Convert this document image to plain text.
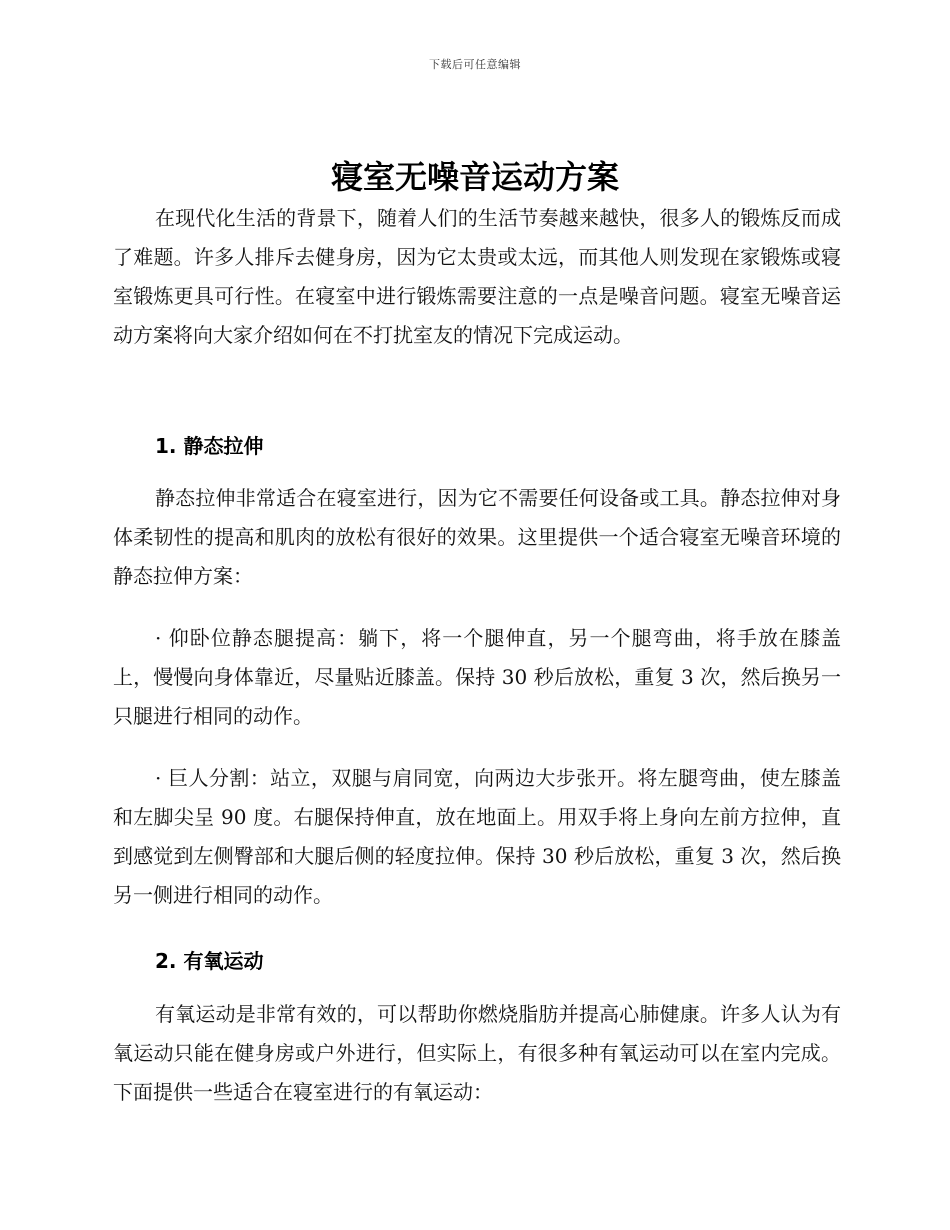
下载后可任意编辑
寝室无噪音运动方案

在现代化生活的背景下，随着人们的生活节奏越来越快，很多人的锻炼反而成了难题。许多人排斥去健身房，因为它太贵或太远，而其他人则发现在家锻炼或寝室锻炼更具可行性。在寝室中进行锻炼需要注意的一点是噪音问题。寝室无噪音运动方案将向大家介绍如何在不打扰室友的情况下完成运动。

1. 静态拉伸

静态拉伸非常适合在寝室进行，因为它不需要任何设备或工具。静态拉伸对身体柔韧性的提高和肌肉的放松有很好的效果。这里提供一个适合寝室无噪音环境的静态拉伸方案：

· 仰卧位静态腿提高：躺下，将一个腿伸直，另一个腿弯曲，将手放在膝盖上，慢慢向身体靠近，尽量贴近膝盖。保持 30 秒后放松，重复 3 次，然后换另一只腿进行相同的动作。

· 巨人分割：站立，双腿与肩同宽，向两边大步张开。将左腿弯曲，使左膝盖和左脚尖呈 90 度。右腿保持伸直，放在地面上。用双手将上身向左前方拉伸，直到感觉到左侧臀部和大腿后侧的轻度拉伸。保持 30 秒后放松，重复 3 次，然后换另一侧进行相同的动作。

2. 有氧运动

有氧运动是非常有效的，可以帮助你燃烧脂肪并提高心肺健康。许多人认为有氧运动只能在健身房或户外进行，但实际上，有很多种有氧运动可以在室内完成。下面提供一些适合在寝室进行的有氧运动：
